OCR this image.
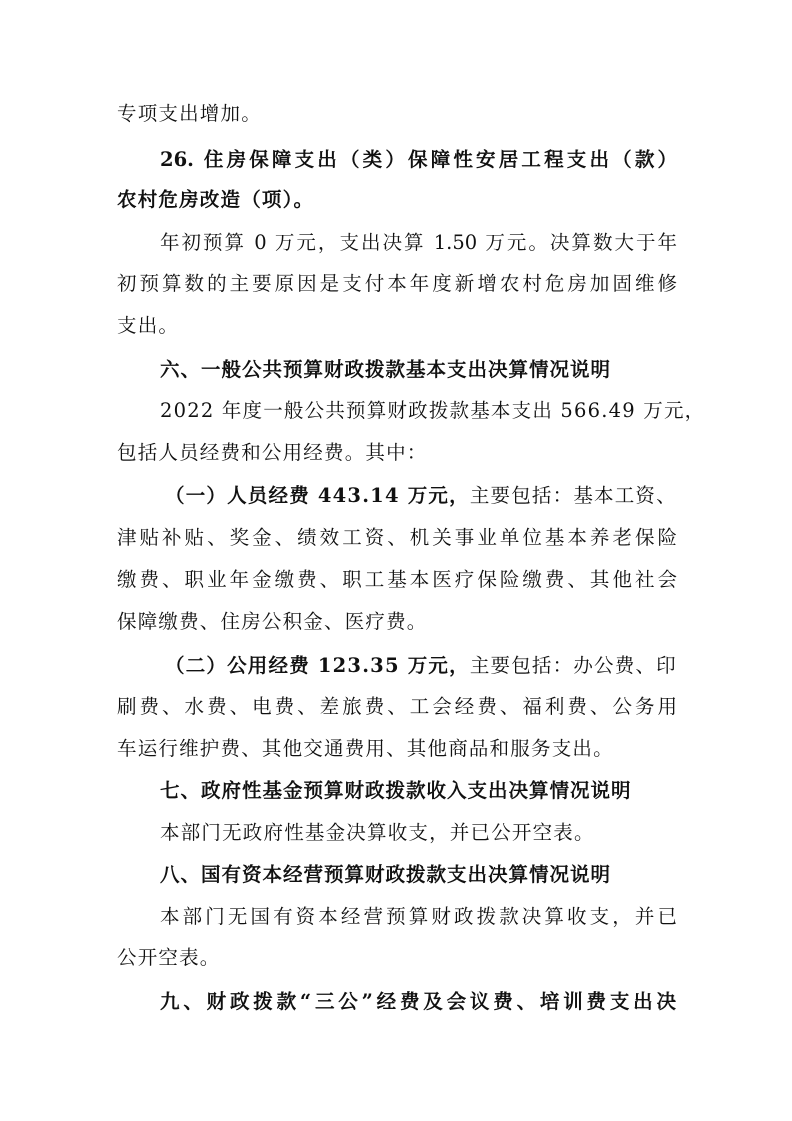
专项支出增加。
26. 住房保障支出（类）保障性安居工程支出（款）
农村危房改造（项）。
年初预算 0 万元，支出决算 1.50 万元。决算数大于年
初预算数的主要原因是支付本年度新增农村危房加固维修
支出。
六、一般公共预算财政拨款基本支出决算情况说明
2022 年度一般公共预算财政拨款基本支出 566.49 万元，
包括人员经费和公用经费。其中：
（一）人员经费 443.14 万元，主要包括：基本工资、
津贴补贴、奖金、绩效工资、机关事业单位基本养老保险
缴费、职业年金缴费、职工基本医疗保险缴费、其他社会
保障缴费、住房公积金、医疗费。
（二）公用经费 123.35 万元，主要包括：办公费、印
刷费、水费、电费、差旅费、工会经费、福利费、公务用
车运行维护费、其他交通费用、其他商品和服务支出。
七、政府性基金预算财政拨款收入支出决算情况说明
本部门无政府性基金决算收支，并已公开空表。
八、国有资本经营预算财政拨款支出决算情况说明
本部门无国有资本经营预算财政拨款决算收支，并已
公开空表。
九、财政拨款“三公”经费及会议费、培训费支出决
